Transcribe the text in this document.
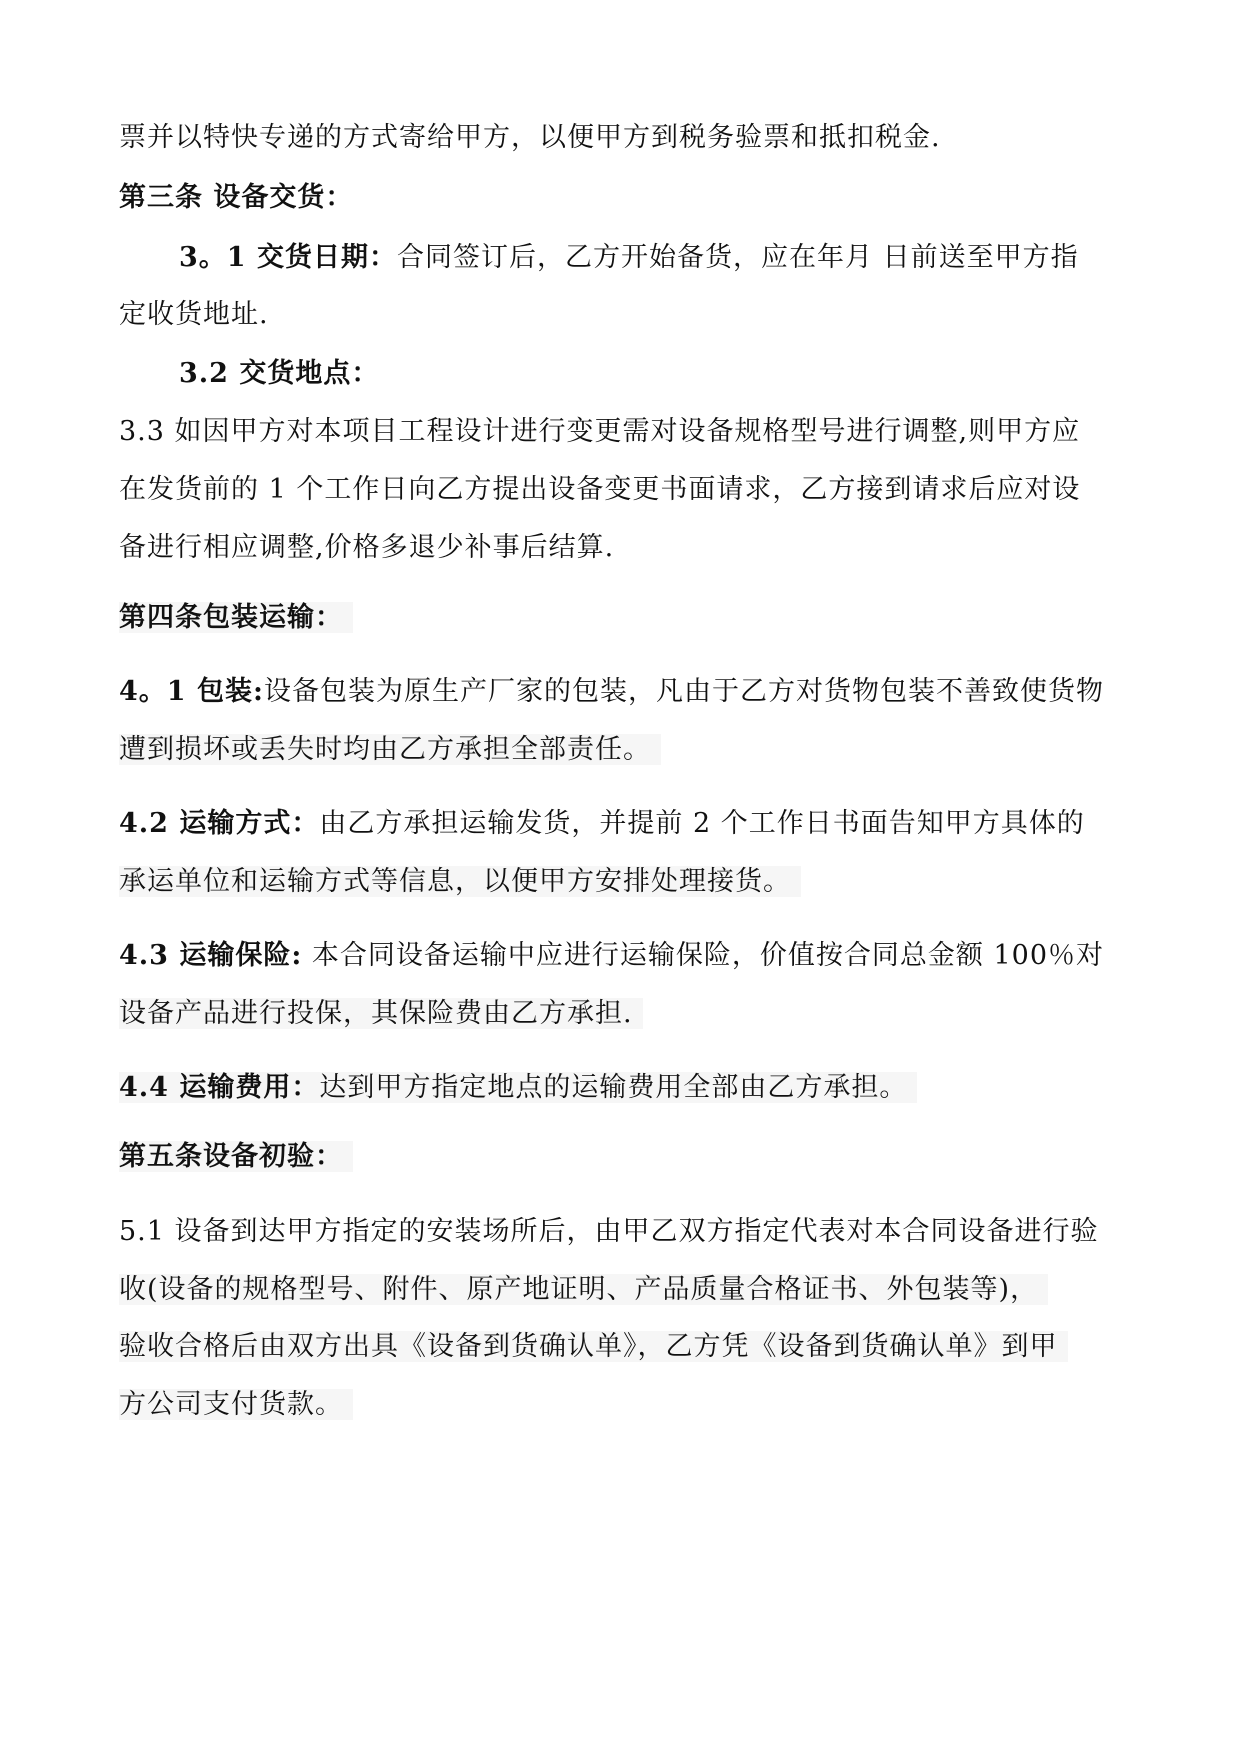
票并以特快专递的方式寄给甲方，以便甲方到税务验票和抵扣税金.
第三条 设备交货：
3。1 交货日期：合同签订后，乙方开始备货，应在年月 日前送至甲方指
定收货地址.
3.2 交货地点：
3.3 如因甲方对本项目工程设计进行变更需对设备规格型号进行调整,则甲方应
在发货前的 1 个工作日向乙方提出设备变更书面请求，乙方接到请求后应对设
备进行相应调整,价格多退少补事后结算.
第四条包装运输：
4。1 包装:设备包装为原生产厂家的包装，凡由于乙方对货物包装不善致使货物
遭到损坏或丢失时均由乙方承担全部责任。
4.2 运输方式：由乙方承担运输发货，并提前 2 个工作日书面告知甲方具体的
承运单位和运输方式等信息，以便甲方安排处理接货。
4.3 运输保险: 本合同设备运输中应进行运输保险，价值按合同总金额 100％对
设备产品进行投保，其保险费由乙方承担.
4.4 运输费用：达到甲方指定地点的运输费用全部由乙方承担。
第五条设备初验：
5.1 设备到达甲方指定的安装场所后，由甲乙双方指定代表对本合同设备进行验
收(设备的规格型号、附件、原产地证明、产品质量合格证书、外包装等)，
验收合格后由双方出具《设备到货确认单》，乙方凭《设备到货确认单》到甲
方公司支付货款。
